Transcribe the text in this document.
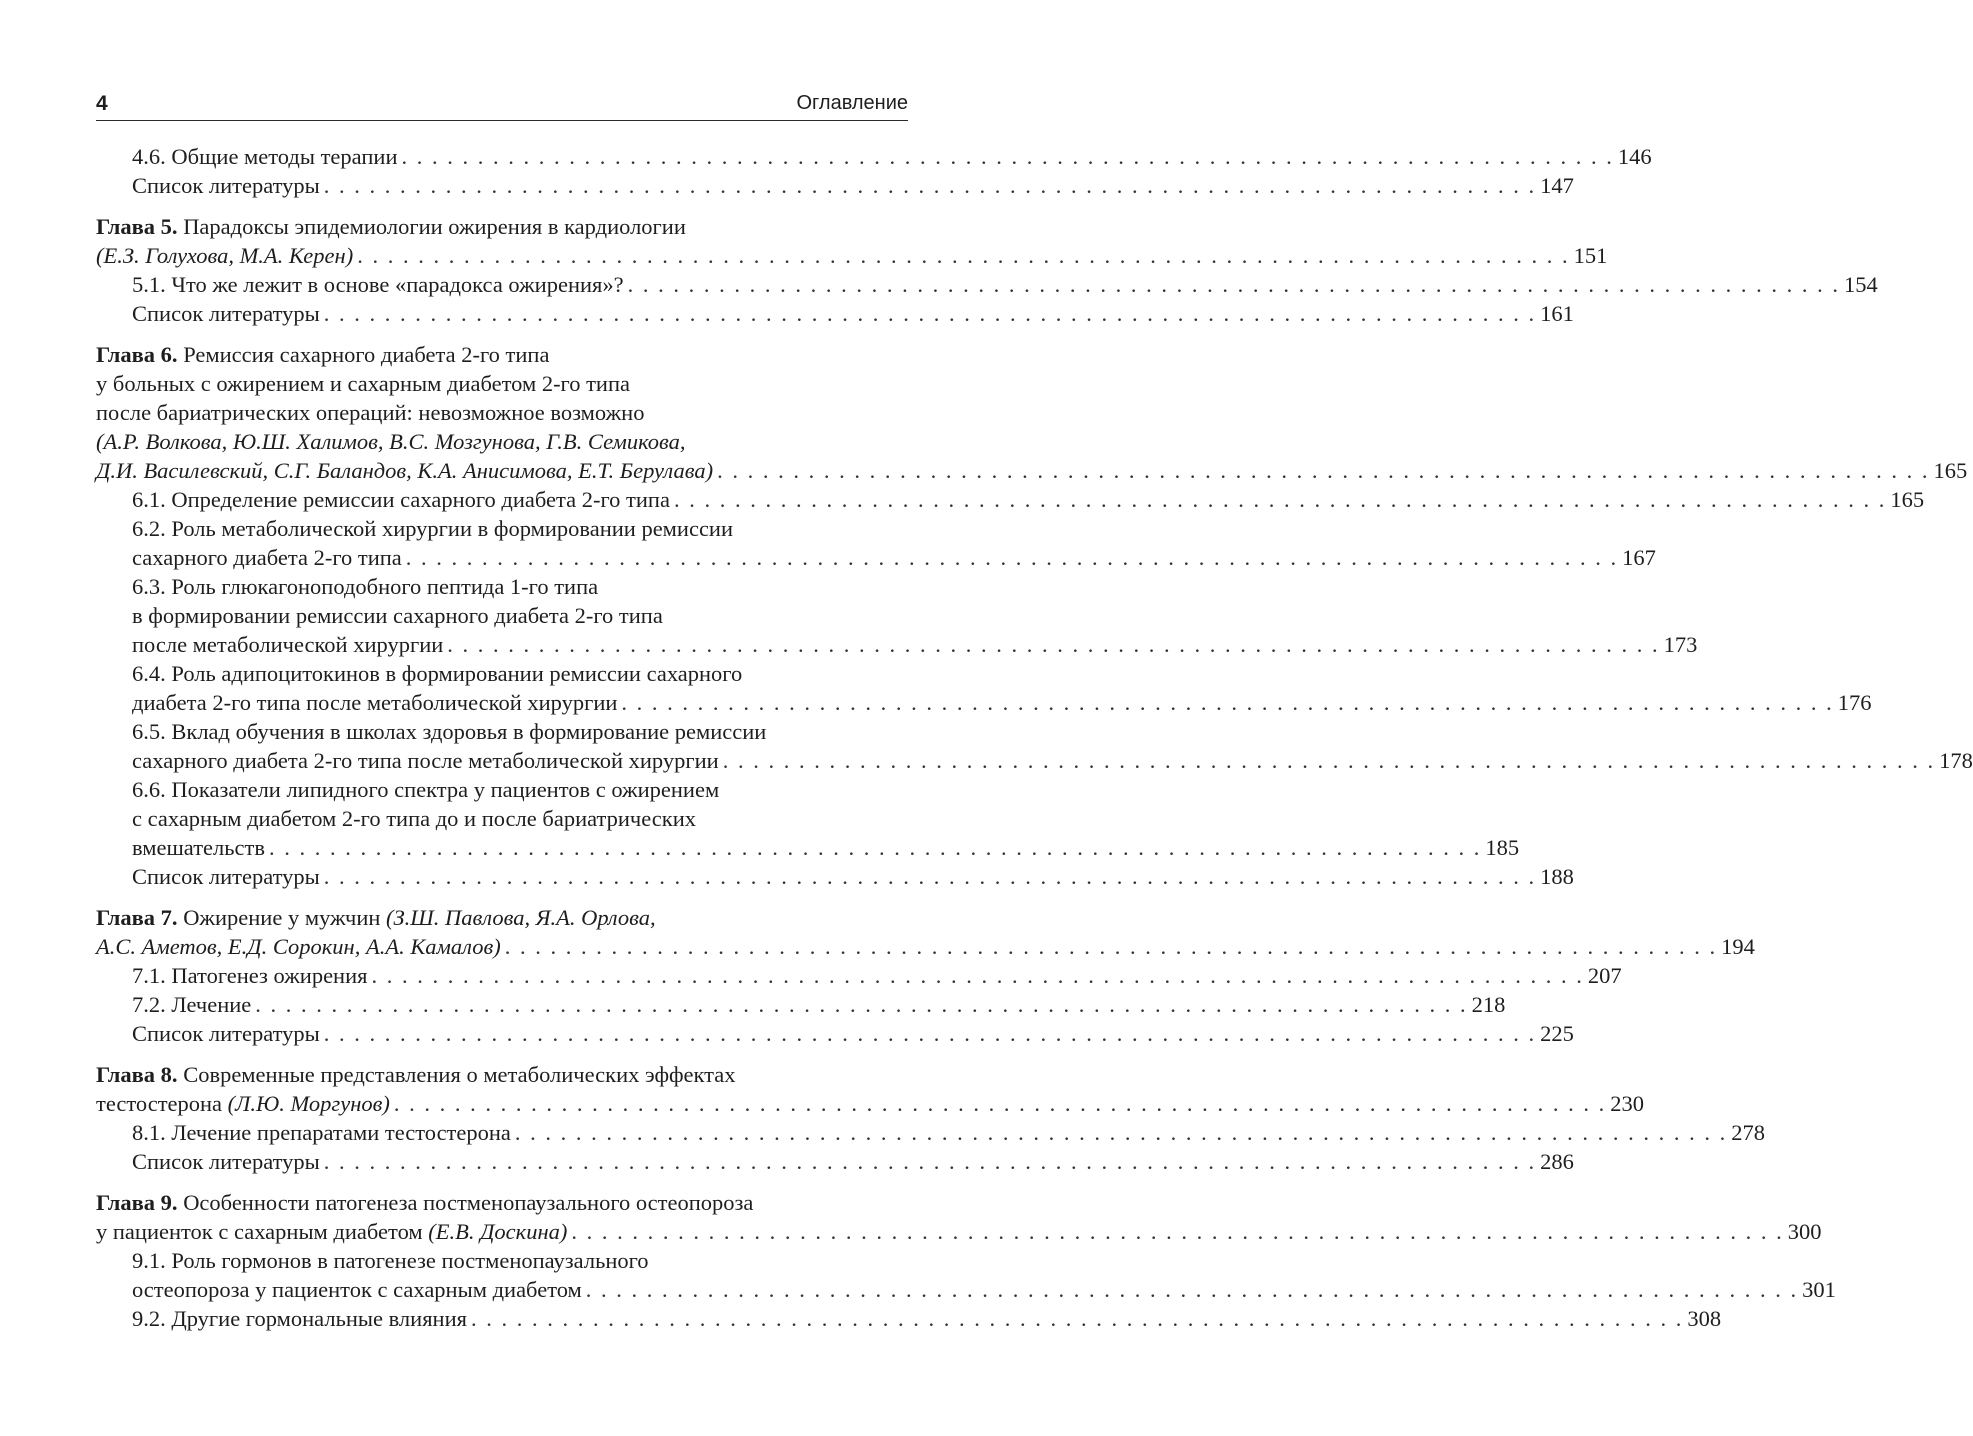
4	Оглавление
4.6. Общие методы терапии . . . . . . . . . . . . . . . . . . . . . . . . . . . . . . . . . . . . . . . . . . . . . . . . . . . . . . . . . . . . . . . . . . . . . . . . . . . . . . . . 146
Список литературы . . . . . . . . . . . . . . . . . . . . . . . . . . . . . . . . . . . . . . . . . . . . . . . . . . . . . . . . . . . . . . . . . . . . . . . . . . . . . . . . 147
Глава 5. Парадоксы эпидемиологии ожирения в кардиологии
(Е.З. Голухова, М.А. Керен) . . . . . . . . . . . . . . . . . . . . . . . . . . . . . . . . . . . . . . . . . . . . . . . . . . . . . . . . . . . . . . . . . . . . . . . . . . . . . . . . 151
5.1. Что же лежит в основе «парадокса ожирения»? . . . . . . . . . . . . . . . . . . . . . . . . . . . . . . . . . . . . . . . . . . . . . . . . . . . . . . . . . . . . . . . . . . . . . . . . . . . . . . . . 154
Список литературы . . . . . . . . . . . . . . . . . . . . . . . . . . . . . . . . . . . . . . . . . . . . . . . . . . . . . . . . . . . . . . . . . . . . . . . . . . . . . . . . 161
Глава 6. Ремиссия сахарного диабета 2-го типа
у больных с ожирением и сахарным диабетом 2-го типа
после бариатрических операций: невозможное возможно
(А.Р. Волкова, Ю.Ш. Халимов, В.С. Мозгунова, Г.В. Семикова,
Д.И. Василевский, С.Г. Баландов, К.А. Анисимова, Е.Т. Берулава) . . . . . . . . . . . . . . . . . . . . . . . . . . . . . . . . . . . . . . . . . . . . . . . . . . . . . . . . . . . . . . . . . . . . . . . . . . . . . . . . 165
6.1. Определение ремиссии сахарного диабета 2-го типа . . . . . . . . . . . . . . . . . . . . . . . . . . . . . . . . . . . . . . . . . . . . . . . . . . . . . . . . . . . . . . . . . . . . . . . . . . . . . . . . 165
6.2. Роль метаболической хирургии в формировании ремиссии
сахарного диабета 2-го типа . . . . . . . . . . . . . . . . . . . . . . . . . . . . . . . . . . . . . . . . . . . . . . . . . . . . . . . . . . . . . . . . . . . . . . . . . . . . . . . . 167
6.3. Роль глюкагоноподобного пептида 1-го типа
в формировании ремиссии сахарного диабета 2-го типа
после метаболической хирургии . . . . . . . . . . . . . . . . . . . . . . . . . . . . . . . . . . . . . . . . . . . . . . . . . . . . . . . . . . . . . . . . . . . . . . . . . . . . . . . . 173
6.4. Роль адипоцитокинов в формировании ремиссии сахарного
диабета 2-го типа после метаболической хирургии . . . . . . . . . . . . . . . . . . . . . . . . . . . . . . . . . . . . . . . . . . . . . . . . . . . . . . . . . . . . . . . . . . . . . . . . . . . . . . . . 176
6.5. Вклад обучения в школах здоровья в формирование ремиссии
сахарного диабета 2-го типа после метаболической хирургии . . . . . . . . . . . . . . . . . . . . . . . . . . . . . . . . . . . . . . . . . . . . . . . . . . . . . . . . . . . . . . . . . . . . . . . . . . . . . . . . 178
6.6. Показатели липидного спектра у пациентов с ожирением
с сахарным диабетом 2-го типа до и после бариатрических
вмешательств . . . . . . . . . . . . . . . . . . . . . . . . . . . . . . . . . . . . . . . . . . . . . . . . . . . . . . . . . . . . . . . . . . . . . . . . . . . . . . . . 185
Список литературы . . . . . . . . . . . . . . . . . . . . . . . . . . . . . . . . . . . . . . . . . . . . . . . . . . . . . . . . . . . . . . . . . . . . . . . . . . . . . . . . 188
Глава 7. Ожирение у мужчин (З.Ш. Павлова, Я.А. Орлова,
А.С. Аметов, Е.Д. Сорокин, А.А. Камалов) . . . . . . . . . . . . . . . . . . . . . . . . . . . . . . . . . . . . . . . . . . . . . . . . . . . . . . . . . . . . . . . . . . . . . . . . . . . . . . . . 194
7.1. Патогенез ожирения . . . . . . . . . . . . . . . . . . . . . . . . . . . . . . . . . . . . . . . . . . . . . . . . . . . . . . . . . . . . . . . . . . . . . . . . . . . . . . . . 207
7.2. Лечение . . . . . . . . . . . . . . . . . . . . . . . . . . . . . . . . . . . . . . . . . . . . . . . . . . . . . . . . . . . . . . . . . . . . . . . . . . . . . . . . 218
Список литературы . . . . . . . . . . . . . . . . . . . . . . . . . . . . . . . . . . . . . . . . . . . . . . . . . . . . . . . . . . . . . . . . . . . . . . . . . . . . . . . . 225
Глава 8. Современные представления о метаболических эффектах
тестостерона (Л.Ю. Моргунов) . . . . . . . . . . . . . . . . . . . . . . . . . . . . . . . . . . . . . . . . . . . . . . . . . . . . . . . . . . . . . . . . . . . . . . . . . . . . . . . . 230
8.1. Лечение препаратами тестостерона . . . . . . . . . . . . . . . . . . . . . . . . . . . . . . . . . . . . . . . . . . . . . . . . . . . . . . . . . . . . . . . . . . . . . . . . . . . . . . . . 278
Список литературы . . . . . . . . . . . . . . . . . . . . . . . . . . . . . . . . . . . . . . . . . . . . . . . . . . . . . . . . . . . . . . . . . . . . . . . . . . . . . . . . 286
Глава 9. Особенности патогенеза постменопаузального остеопороза
у пациенток с сахарным диабетом (Е.В. Доскина) . . . . . . . . . . . . . . . . . . . . . . . . . . . . . . . . . . . . . . . . . . . . . . . . . . . . . . . . . . . . . . . . . . . . . . . . . . . . . . . . 300
9.1. Роль гормонов в патогенезе постменопаузального
остеопороза у пациенток с сахарным диабетом . . . . . . . . . . . . . . . . . . . . . . . . . . . . . . . . . . . . . . . . . . . . . . . . . . . . . . . . . . . . . . . . . . . . . . . . . . . . . . . . 301
9.2. Другие гормональные влияния . . . . . . . . . . . . . . . . . . . . . . . . . . . . . . . . . . . . . . . . . . . . . . . . . . . . . . . . . . . . . . . . . . . . . . . . . . . . . . . . 308
